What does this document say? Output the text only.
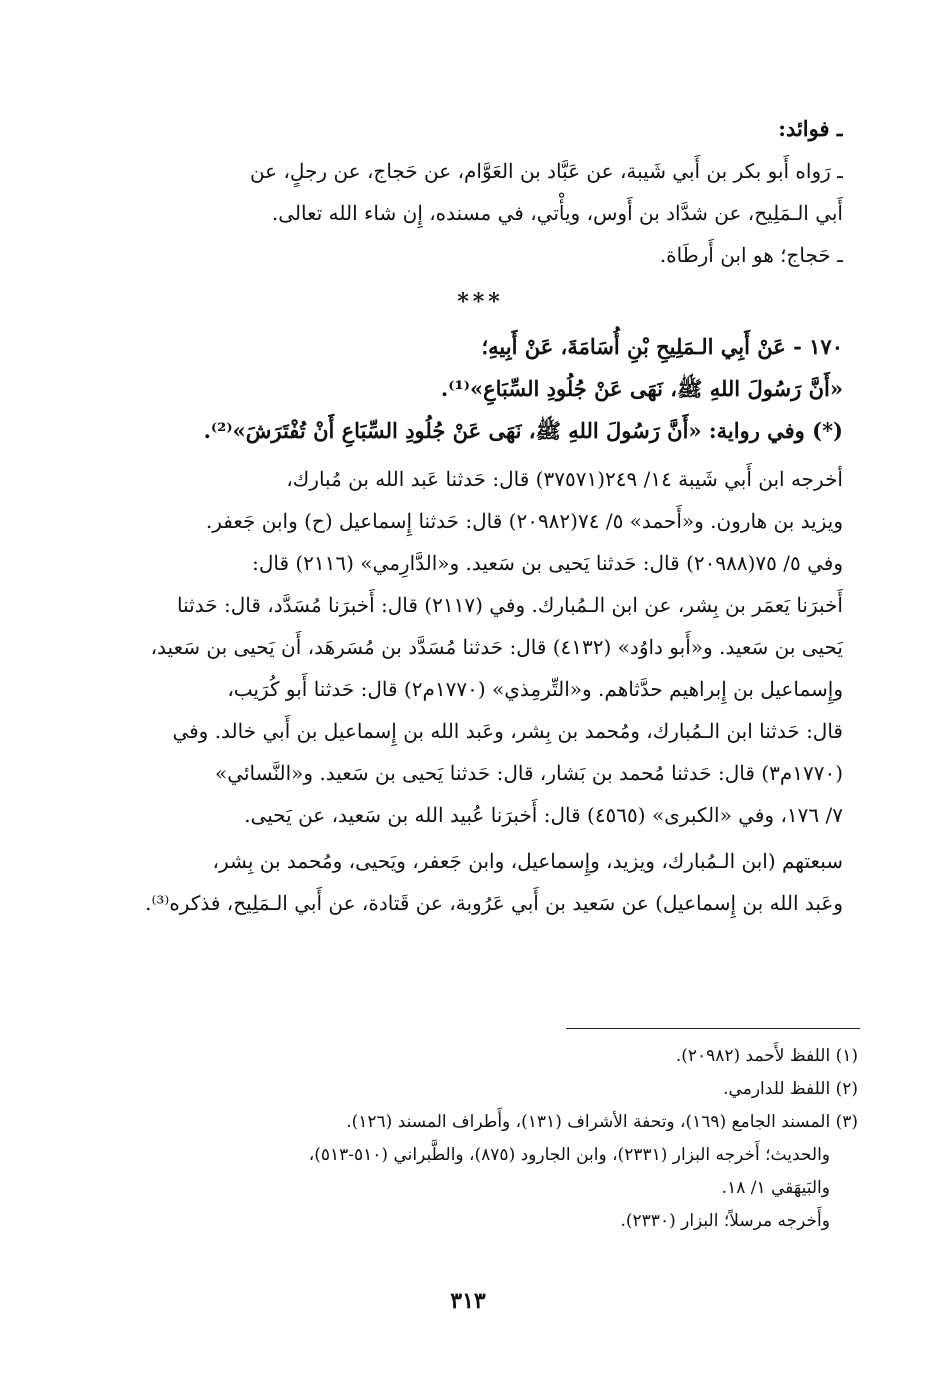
ـ فوائد:
ـ رَواه أَبو بكر بن أَبي شَيبة، عن عَبَّاد بن العَوَّام، عن حَجاج، عن رجلٍ، عن
أَبي الـمَلِيح، عن شدَّاد بن أَوس، ويأْتي، في مسنده، إِن شاء الله تعالى.
ـ حَجاج؛ هو ابن أَرطَاة.
***
١٧٠ - عَنْ أَبِي الـمَلِيحِ بْنِ أُسَامَةَ، عَنْ أَبِيهِ؛
«أَنَّ رَسُولَ اللهِ ﷺ، نَهَى عَنْ جُلُودِ السِّبَاعِ»⁽¹⁾.
(*) وفي رواية: «أَنَّ رَسُولَ اللهِ ﷺ، نَهَى عَنْ جُلُودِ السِّبَاعِ أَنْ تُفْتَرَشَ»⁽²⁾.
أخرجه ابن أَبي شَيبة ١٤/ ٢٤٩(٣٧٥٧١) قال: حَدثنا عَبد الله بن مُبارك،
ويزيد بن هارون. و«أَحمد» ٥/ ٧٤(٢٠٩٨٢) قال: حَدثنا إِسماعيل (ح) وابن جَعفر.
وفي ٥/ ٧٥(٢٠٩٨٨) قال: حَدثنا يَحيى بن سَعيد. و«الدَّارِمي» (٢١١٦) قال:
أَخبرَنا يَعمَر بن بِشر، عن ابن الـمُبارك. وفي (٢١١٧) قال: أَخبرَنا مُسَدَّد، قال: حَدثنا
يَحيى بن سَعيد. و«أَبو داوُد» (٤١٣٢) قال: حَدثنا مُسَدَّد بن مُسَرهَد، أَن يَحيى بن سَعيد،
وإِسماعيل بن إِبراهيم حدَّثاهم. و«التِّرمِذي» (١٧٧٠م٢) قال: حَدثنا أَبو كُرَيب،
قال: حَدثنا ابن الـمُبارك، ومُحمد بن بِشر، وعَبد الله بن إِسماعيل بن أَبي خالد. وفي
(١٧٧٠م٣) قال: حَدثنا مُحمد بن بَشار، قال: حَدثنا يَحيى بن سَعيد. و«النَّسائي»
٧/ ١٧٦، وفي «الكبرى» (٤٥٦٥) قال: أَخبرَنا عُبيد الله بن سَعيد، عن يَحيى.
سبعتهم (ابن الـمُبارك، ويزيد، وإِسماعيل، وابن جَعفر، ويَحيى، ومُحمد بن بِشر،
وعَبد الله بن إِسماعيل) عن سَعيد بن أَبي عَرُوبة، عن قَتادة، عن أَبي الـمَلِيح، فذكره⁽³⁾.
(١) اللفظ لأَحمد (٢٠٩٨٢).
(٢) اللفظ للدارمي.
(٣) المسند الجامع (١٦٩)، وتحفة الأشراف (١٣١)، وأَطراف المسند (١٢٦).
والحديث؛ أَخرجه البزار (٢٣٣١)، وابن الجارود (٨٧٥)، والطَّبراني (٥١٠-٥١٣)،
والبَيهَقي ١/ ١٨.
وأَخرجه مرسلاً؛ البزار (٢٣٣٠).
٣١٣
